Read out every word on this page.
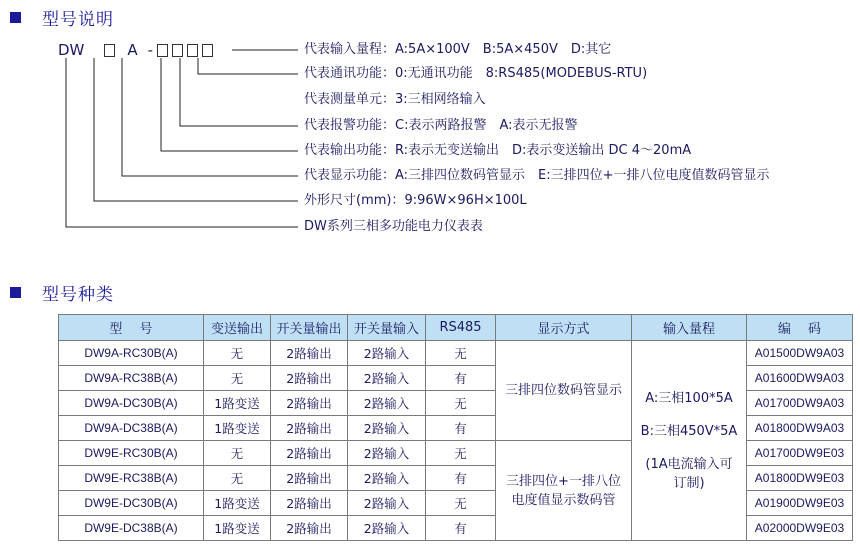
型号说明
DW	A -	代表输入量程：A:5A×100V　B:5A×450V　D:其它
代表通讯功能：0:无通讯功能　8:RS485(MODEBUS-RTU)
代表测量单元：3:三相网络输入
代表报警功能：C:表示两路报警　A:表示无报警
代表输出功能：R:表示无变送输出　D:表示变送输出 DC 4～20mA
代表显示功能：A:三排四位数码管显示　E:三排四位+一排八位电度值数码管显示
外形尺寸(mm)：9:96W×96H×100L
DW系列三相多功能电力仪表表
型号种类
型　 号	变送输出	开关量输出	开关量输入	RS485	显示方式	输入量程	编　 码
DW9A-RC30B(A)	无	2路输出	2路输入	无	三排四位数码管显示	A:三相100*5A
B:三相450V*5A
(1A电流输入可
订制)	A01500DW9A03
DW9A-RC38B(A)	无	2路输出	2路输入	有			A01600DW9A03
DW9A-DC30B(A)	1路变送	2路输出	2路输入	无			A01700DW9A03
DW9A-DC38B(A)	1路变送	2路输出	2路输入	有			A01800DW9A03
DW9E-RC30B(A)	无	2路输出	2路输入	无	三排四位+一排八位
电度值显示数码管		A01700DW9E03
DW9E-RC38B(A)	无	2路输出	2路输入	有			A01800DW9E03
DW9E-DC30B(A)	1路变送	2路输出	2路输入	无			A01900DW9E03
DW9E-DC38B(A)	1路变送	2路输出	2路输入	有			A02000DW9E03
